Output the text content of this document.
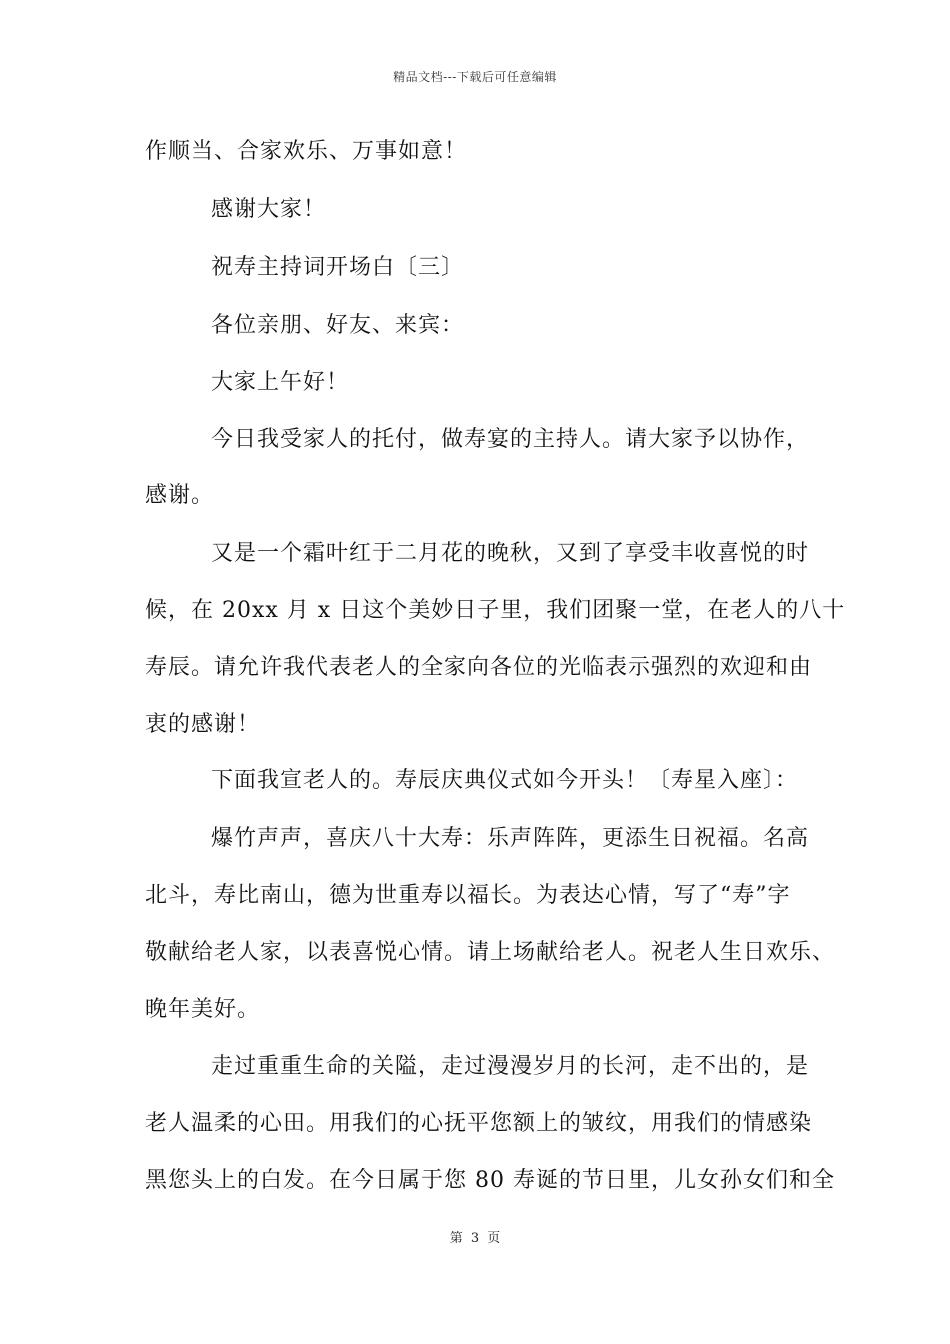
精品文档---下载后可任意编辑
作顺当、合家欢乐、万事如意！
感谢大家！
祝寿主持词开场白〔三〕
各位亲朋、好友、来宾：
大家上午好！
今日我受家人的托付，做寿宴的主持人。请大家予以协作，
感谢。
又是一个霜叶红于二月花的晚秋，又到了享受丰收喜悦的时
候，在 20xx 月 x 日这个美妙日子里，我们团聚一堂，在老人的八十
寿辰。请允许我代表老人的全家向各位的光临表示强烈的欢迎和由
衷的感谢！
下面我宣老人的。寿辰庆典仪式如今开头！〔寿星入座〕：
爆竹声声，喜庆八十大寿：乐声阵阵，更添生日祝福。名高
北斗，寿比南山，德为世重寿以福长。为表达心情，写了“寿”字
敬献给老人家，以表喜悦心情。请上场献给老人。祝老人生日欢乐、
晚年美好。
走过重重生命的关隘，走过漫漫岁月的长河，走不出的，是
老人温柔的心田。用我们的心抚平您额上的皱纹，用我们的情感染
黑您头上的白发。在今日属于您 80 寿诞的节日里，儿女孙女们和全
第 3 页
